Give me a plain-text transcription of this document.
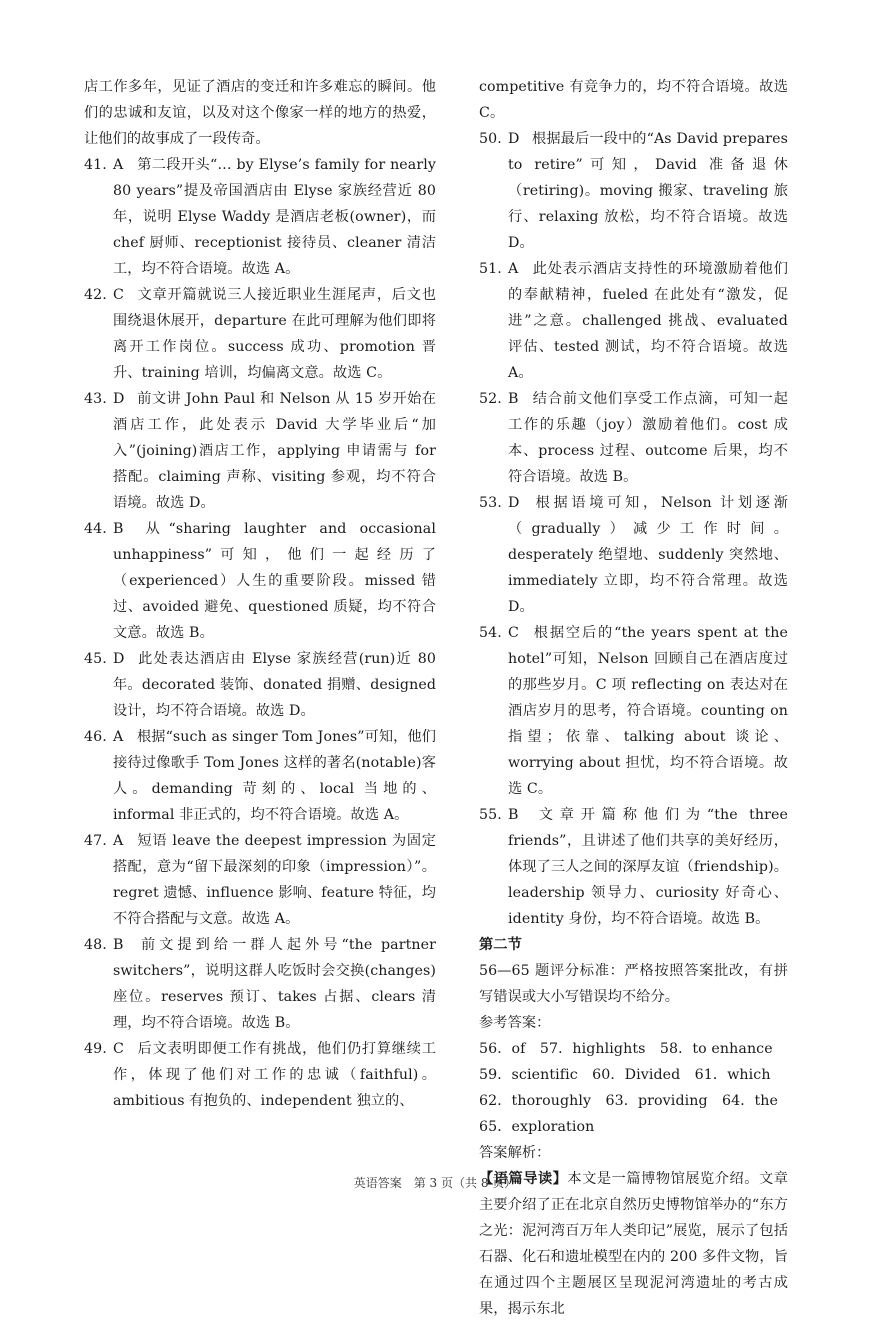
店工作多年，见证了酒店的变迁和许多难忘的瞬间。他们的忠诚和友谊，以及对这个像家一样的地方的热爱，让他们的故事成了一段传奇。

41. A 第二段开头“… by Elyse’s family for nearly 80 years”提及帝国酒店由 Elyse 家族经营近 80 年，说明 Elyse Waddy 是酒店老板(owner)，而 chef 厨师、receptionist 接待员、cleaner 清洁工，均不符合语境。故选 A。

42. C 文章开篇就说三人接近职业生涯尾声，后文也围绕退休展开，departure 在此可理解为他们即将离开工作岗位。success 成功、promotion 晋升、training 培训，均偏离文意。故选 C。

43. D 前文讲 John Paul 和 Nelson 从 15 岁开始在酒店工作，此处表示 David 大学毕业后“加入”(joining)酒店工作，applying 申请需与 for 搭配。claiming 声称、visiting 参观，均不符合语境。故选 D。

44. B 从“sharing laughter and occasional unhappiness”可知，他们一起经历了（experienced）人生的重要阶段。missed 错过、avoided 避免、questioned 质疑，均不符合文意。故选 B。

45. D 此处表达酒店由 Elyse 家族经营(run)近 80 年。decorated 装饰、donated 捐赠、designed 设计，均不符合语境。故选 D。

46. A 根据“such as singer Tom Jones”可知，他们接待过像歌手 Tom Jones 这样的著名(notable)客人。demanding 苛刻的、local 当地的、informal 非正式的，均不符合语境。故选 A。

47. A 短语 leave the deepest impression 为固定搭配，意为“留下最深刻的印象（impression）”。regret 遗憾、influence 影响、feature 特征，均不符合搭配与文意。故选 A。

48. B 前文提到给一群人起外号“the partner switchers”，说明这群人吃饭时会交换(changes)座位。reserves 预订、takes 占据、clears 清理，均不符合语境。故选 B。

49. C 后文表明即便工作有挑战，他们仍打算继续工作，体现了他们对工作的忠诚（faithful)。ambitious 有抱负的、independent 独立的、

competitive 有竞争力的，均不符合语境。故选 C。

50. D 根据最后一段中的“As David prepares to retire”可知，David 准备退休（retiring)。moving 搬家、traveling 旅行、relaxing 放松，均不符合语境。故选 D。

51. A 此处表示酒店支持性的环境激励着他们的奉献精神，fueled 在此处有“激发，促进”之意。challenged 挑战、evaluated 评估、tested 测试，均不符合语境。故选 A。

52. B 结合前文他们享受工作点滴，可知一起工作的乐趣（joy）激励着他们。cost 成本、process 过程、outcome 后果，均不符合语境。故选 B。

53. D 根据语境可知，Nelson 计划逐渐（gradually）减少工作时间。desperately 绝望地、suddenly 突然地、immediately 立即，均不符合常理。故选 D。

54. C 根据空后的“the years spent at the hotel”可知，Nelson 回顾自己在酒店度过的那些岁月。C 项 reflecting on 表达对在酒店岁月的思考，符合语境。counting on 指望；依靠、talking about 谈论、worrying about 担忧，均不符合语境。故选 C。

55. B 文章开篇称他们为“the three friends”，且讲述了他们共享的美好经历，体现了三人之间的深厚友谊（friendship)。leadership 领导力、curiosity 好奇心、identity 身份，均不符合语境。故选 B。

第二节

56—65 题评分标准：严格按照答案批改，有拼写错误或大小写错误均不给分。

参考答案：

56．of　57．highlights　58．to enhance

59．scientific　60．Divided　61．which

62．thoroughly　63．providing　64．the

65．exploration

答案解析：

【语篇导读】本文是一篇博物馆展览介绍。文章主要介绍了正在北京自然历史博物馆举办的“东方之光：泥河湾百万年人类印记”展览，展示了包括石器、化石和遗址模型在内的 200 多件文物，旨在通过四个主题展区呈现泥河湾遗址的考古成果，揭示东北

英语答案　第 3 页（共 8 页）
